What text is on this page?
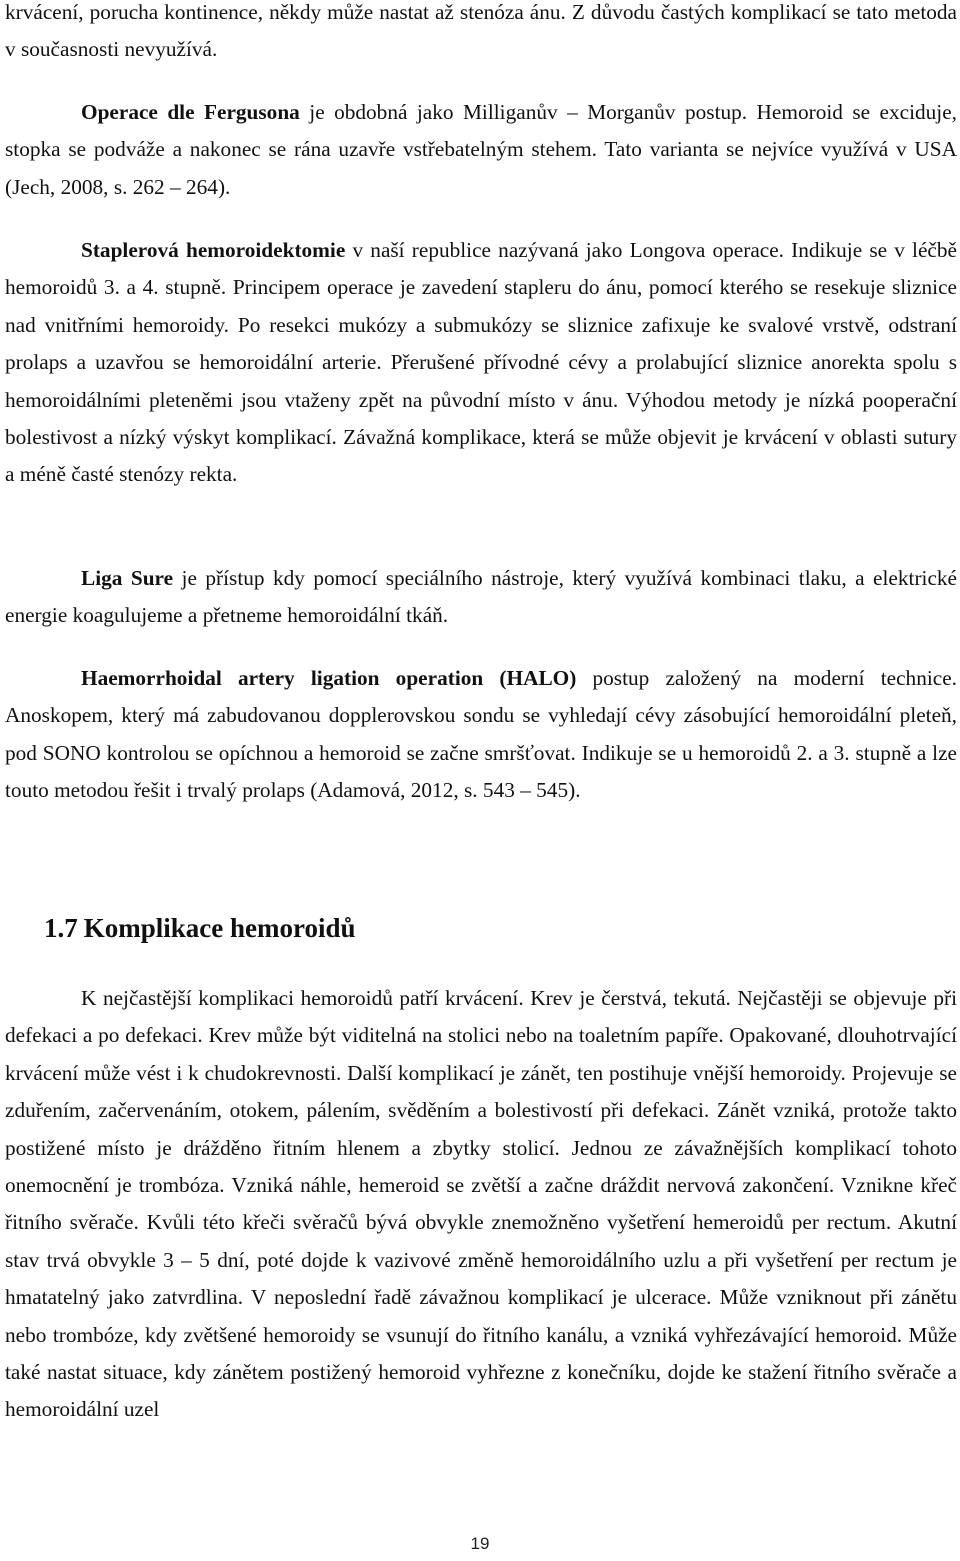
krvácení, porucha kontinence, někdy může nastat až stenóza ánu. Z důvodu častých komplikací se tato metoda v současnosti nevyužívá.

Operace dle Fergusona je obdobná jako Milliganův – Morganův postup. Hemoroid se exciduje, stopka se podváže a nakonec se rána uzavře vstřebatelným stehem. Tato varianta se nejvíce využívá v USA (Jech, 2008, s. 262 – 264).

Staplerová hemoroidektomie v naší republice nazývaná jako Longova operace. Indikuje se v léčbě hemoroidů 3. a 4. stupně. Principem operace je zavedení stapleru do ánu, pomocí kterého se resekuje sliznice nad vnitřními hemoroidy. Po resekci mukózy a submukózy se sliznice zafixuje ke svalové vrstvě, odstraní prolaps a uzavřou se hemoroidální arterie. Přerušené přívodné cévy a prolabující sliznice anorekta spolu s hemoroidálními pleteněmi jsou vtaženy zpět na původní místo v ánu. Výhodou metody je nízká pooperační bolestivost a nízký výskyt komplikací. Závažná komplikace, která se může objevit je krvácení v oblasti sutury a méně časté stenózy rekta.

Liga Sure je přístup kdy pomocí speciálního nástroje, který využívá kombinaci tlaku, a elektrické energie koagulujeme a přetneme hemoroidální tkáň.

Haemorrhoidal artery ligation operation (HALO) postup založený na moderní technice. Anoskopem, který má zabudovanou dopplerovskou sondu se vyhledají cévy zásobující hemoroidální pleteň, pod SONO kontrolou se opíchnou a hemoroid se začne smršťovat. Indikuje se u hemoroidů 2. a 3. stupně a lze touto metodou řešit i trvalý prolaps (Adamová, 2012, s. 543 – 545).

1.7 Komplikace hemoroidů

K nejčastější komplikaci hemoroidů patří krvácení. Krev je čerstvá, tekutá. Nejčastěji se objevuje při defekaci a po defekaci. Krev může být viditelná na stolici nebo na toaletním papíře. Opakované, dlouhotrvající krvácení může vést i k chudokrevnosti. Další komplikací je zánět, ten postihuje vnější hemoroidy. Projevuje se zduřením, začervenáním, otokem, pálením, svěděním a bolestivostí při defekaci. Zánět vzniká, protože takto postižené místo je drážděno řitním hlenem a zbytky stolicí. Jednou ze závažnějších komplikací tohoto onemocnění je trombóza. Vzniká náhle, hemeroid se zvětší a začne dráždit nervová zakončení. Vznikne křeč řitního svěrače. Kvůli této křeči svěračů bývá obvykle znemožněno vyšetření hemeroidů per rectum. Akutní stav trvá obvykle 3 – 5 dní, poté dojde k vazivové změně hemoroidálního uzlu a při vyšetření per rectum je hmatatelný jako zatvrdlina. V neposlední řadě závažnou komplikací je ulcerace. Může vzniknout při zánětu nebo trombóze, kdy zvětšené hemoroidy se vsunují do řitního kanálu, a vzniká vyhřezávající hemoroid. Může také nastat situace, kdy zánětem postižený hemoroid vyhřezne z konečníku, dojde ke stažení řitního svěrače a hemoroidální uzel

19
